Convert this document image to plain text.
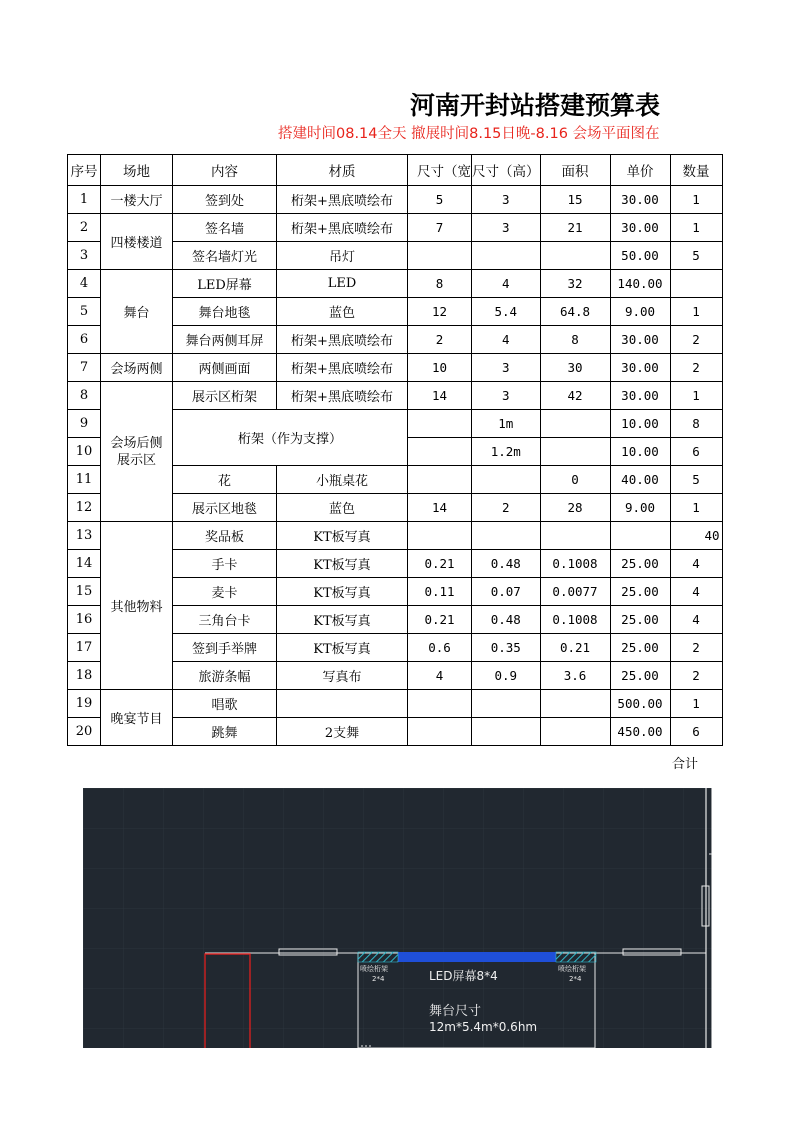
河南开封站搭建预算表
搭建时间08.14全天 撤展时间8.15日晚-8.16 会场平面图在
序号	场地	内容	材质	尺寸（宽	尺寸（高）	面积	单价	数量
1	一楼大厅	签到处	桁架+黑底喷绘布	5	3	15	30.00	1
2	四楼楼道	签名墙	桁架+黑底喷绘布	7	3	21	30.00	1
3		签名墙灯光	吊灯				50.00	5
4	舞台	LED屏幕	LED	8	4	32	140.00	
5		舞台地毯	蓝色	12	5.4	64.8	9.00	1
6		舞台两侧耳屏	桁架+黑底喷绘布	2	4	8	30.00	2
7	会场两侧	两侧画面	桁架+黑底喷绘布	10	3	30	30.00	2
8	会场后侧展示区	展示区桁架	桁架+黑底喷绘布	14	3	42	30.00	1
9		桁架（作为支撑）			1m		10.00	8
10					1.2m		10.00	6
11		花	小瓶桌花			0	40.00	5
12		展示区地毯	蓝色	14	2	28	9.00	1
13	其他物料	奖品板	KT板写真					40
14		手卡	KT板写真	0.21	0.48	0.1008	25.00	4
15		麦卡	KT板写真	0.11	0.07	0.0077	25.00	4
16		三角台卡	KT板写真	0.21	0.48	0.1008	25.00	4
17		签到手举牌	KT板写真	0.6	0.35	0.21	25.00	2
18		旅游条幅	写真布	4	0.9	3.6	25.00	2
19	晚宴节目	唱歌					500.00	1
20		跳舞	2支舞				450.00	6
合计
喷绘桁架
2*4
喷绘桁架
2*4
LED屏幕8*4
舞台尺寸
12m*5.4m*0.6hm
